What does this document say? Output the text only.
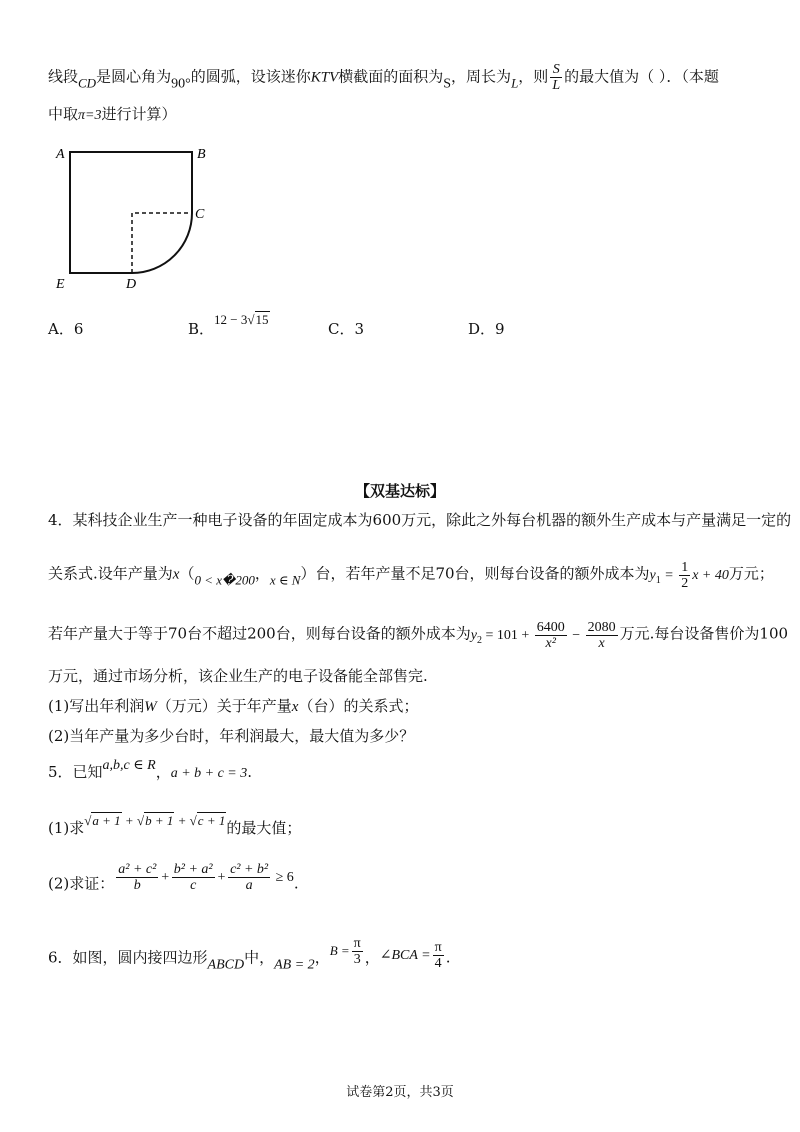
线段CD是圆心角为90°的圆弧，设该迷你KTV横截面的面积为S，周长为L，则 $\frac{S}{L}$ 的最大值为（ ）．（本题
中取π=3进行计算）
A	B
C
D
E
A．6	B．12 − 3√15
C．3	D．9
【双基达标】
4．某科技企业生产一种电子设备的年固定成本为600万元，除此之外每台机器的额外生产成本与产量满足一定的
关系式.设年产量为x（0 < x�200，x ∈ N）台，若年产量不足70台，则每台设备的额外成本为$y_1 = \frac{1}{2}$ x + 40万元；
若年产量大于等于70台不超过200台，则每台设备的额外成本为$y_2 = 101 + \frac{6400}{\text{x²}} - \frac{2080}{x}$ 万元.每台设备售价为100
万元，通过市场分析，该企业生产的电子设备能全部售完.
(1)写出年利润W（万元）关于年产量x（台）的关系式；
(2)当年产量为多少台时，年利润最大，最大值为多少？
5．已知a,b,c ∈ R，a + b + c = 3.
(1)求√a + 1 + √b + 1 + √c + 1的最大值；
(2)求证： $\frac{\text{a² + c²}}{b} + \frac{\text{b² + a²}}{c} + \frac{\text{c² + b²}}{a} \ge 6$.
6．如图，圆内接四边形ABCD中，AB = 2，$B = \frac{\pi}{3}$ ，∠BCA = $\frac{\pi}{4}$ .
试卷第2页，共3页
